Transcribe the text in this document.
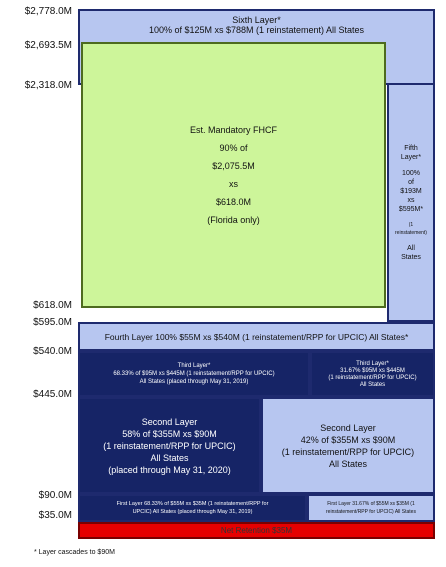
$2,778.0M
$2,693.5M
$2,318.0M
$618.0M
$595.0M
$540.0M
$445.0M
$90.0M
$35.0M
Sixth Layer*
100% of $125M xs $788M (1 reinstatement) All States
Fifth
Layer*
100%
of
$193M
xs
$595M*
(1
reinstatement)
All
States
Est. Mandatory FHCF
90% of
$2,075.5M
xs
$618.0M
(Florida only)
Fourth Layer 100% $55M xs $540M (1 reinstatement/RPP for UPCIC) All States*
Third Layer*
68.33% of $95M xs $445M (1 reinstatement/RPP for UPCIC)
All States (placed through May 31, 2019)
Third Layer*
31.67% $95M xs $445M
(1 reinstatement/RPP for UPCIC)
All States
Second Layer
58% of $355M xs $90M
(1 reinstatement/RPP for UPCIC)
All States
(placed through May 31, 2020)
Second Layer
42% of $355M xs $90M
(1 reinstatement/RPP for UPCIC)
All States
First Layer 68.33% of $55M xs $35M (1 reinstatement/RPP for
UPCIC) All States (placed through May 31, 2019)
First Layer 31.67% of $55M xs $35M (1
reinstatement/RPP for UPCIC) All States
Net Retention $35M
* Layer cascades to $90M
